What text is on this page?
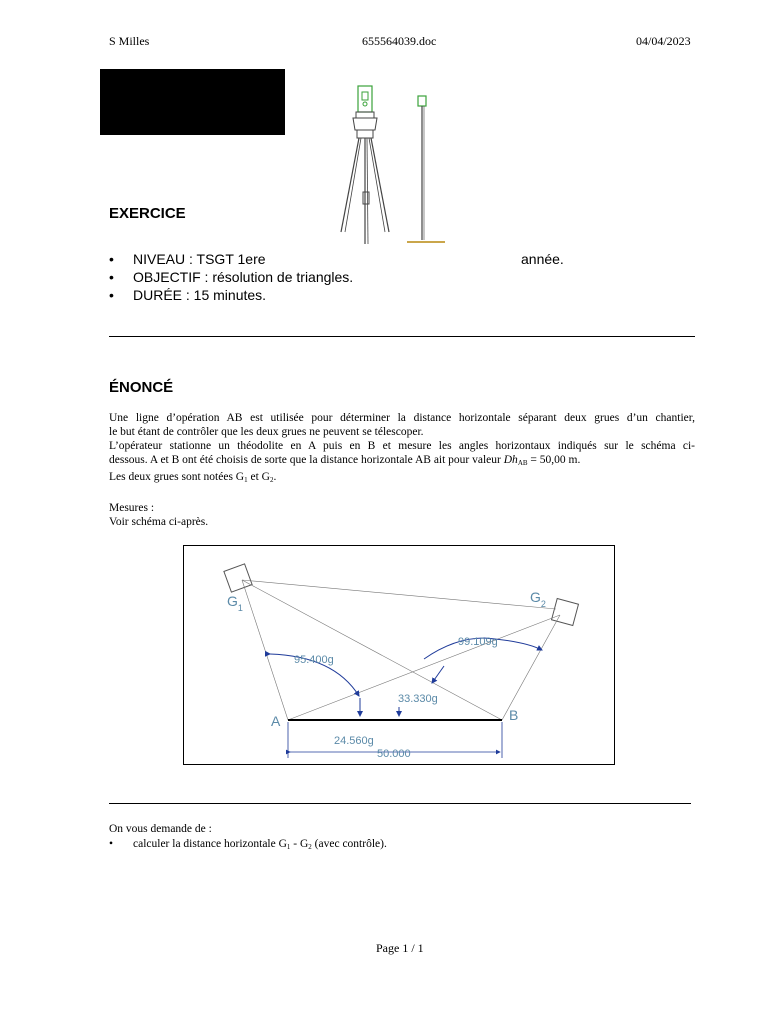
S Milles	655564039.doc	04/04/2023
EXERCICE
• NIVEAU : TSGT 1ere	année.
• OBJECTIF : résolution de triangles.
• DURÉE : 15 minutes.
ÉNONCÉ
Une ligne d’opération AB est utilisée pour déterminer la distance horizontale séparant deux grues d’un chantier,
le but étant de contrôler que les deux grues ne peuvent se télescoper.
L’opérateur stationne un théodolite en A puis en B et mesure les angles horizontaux indiqués sur le schéma ci-
dessous. A et B ont été choisis de sorte que la distance horizontale AB ait pour valeur $Dh_{AB} = 50,00$ m.
Les deux grues sont notées $G_1$ et $G_2$.
Mesures :
Voir schéma ci-après.
A	B
$G_1$
$G_2$
95.400g
99.109g
33.330g
24.560g
50.000
On vous demande de :
• calculer la distance horizontale $G_1 - G_2$ (avec contrôle).
Page 1 / 1
